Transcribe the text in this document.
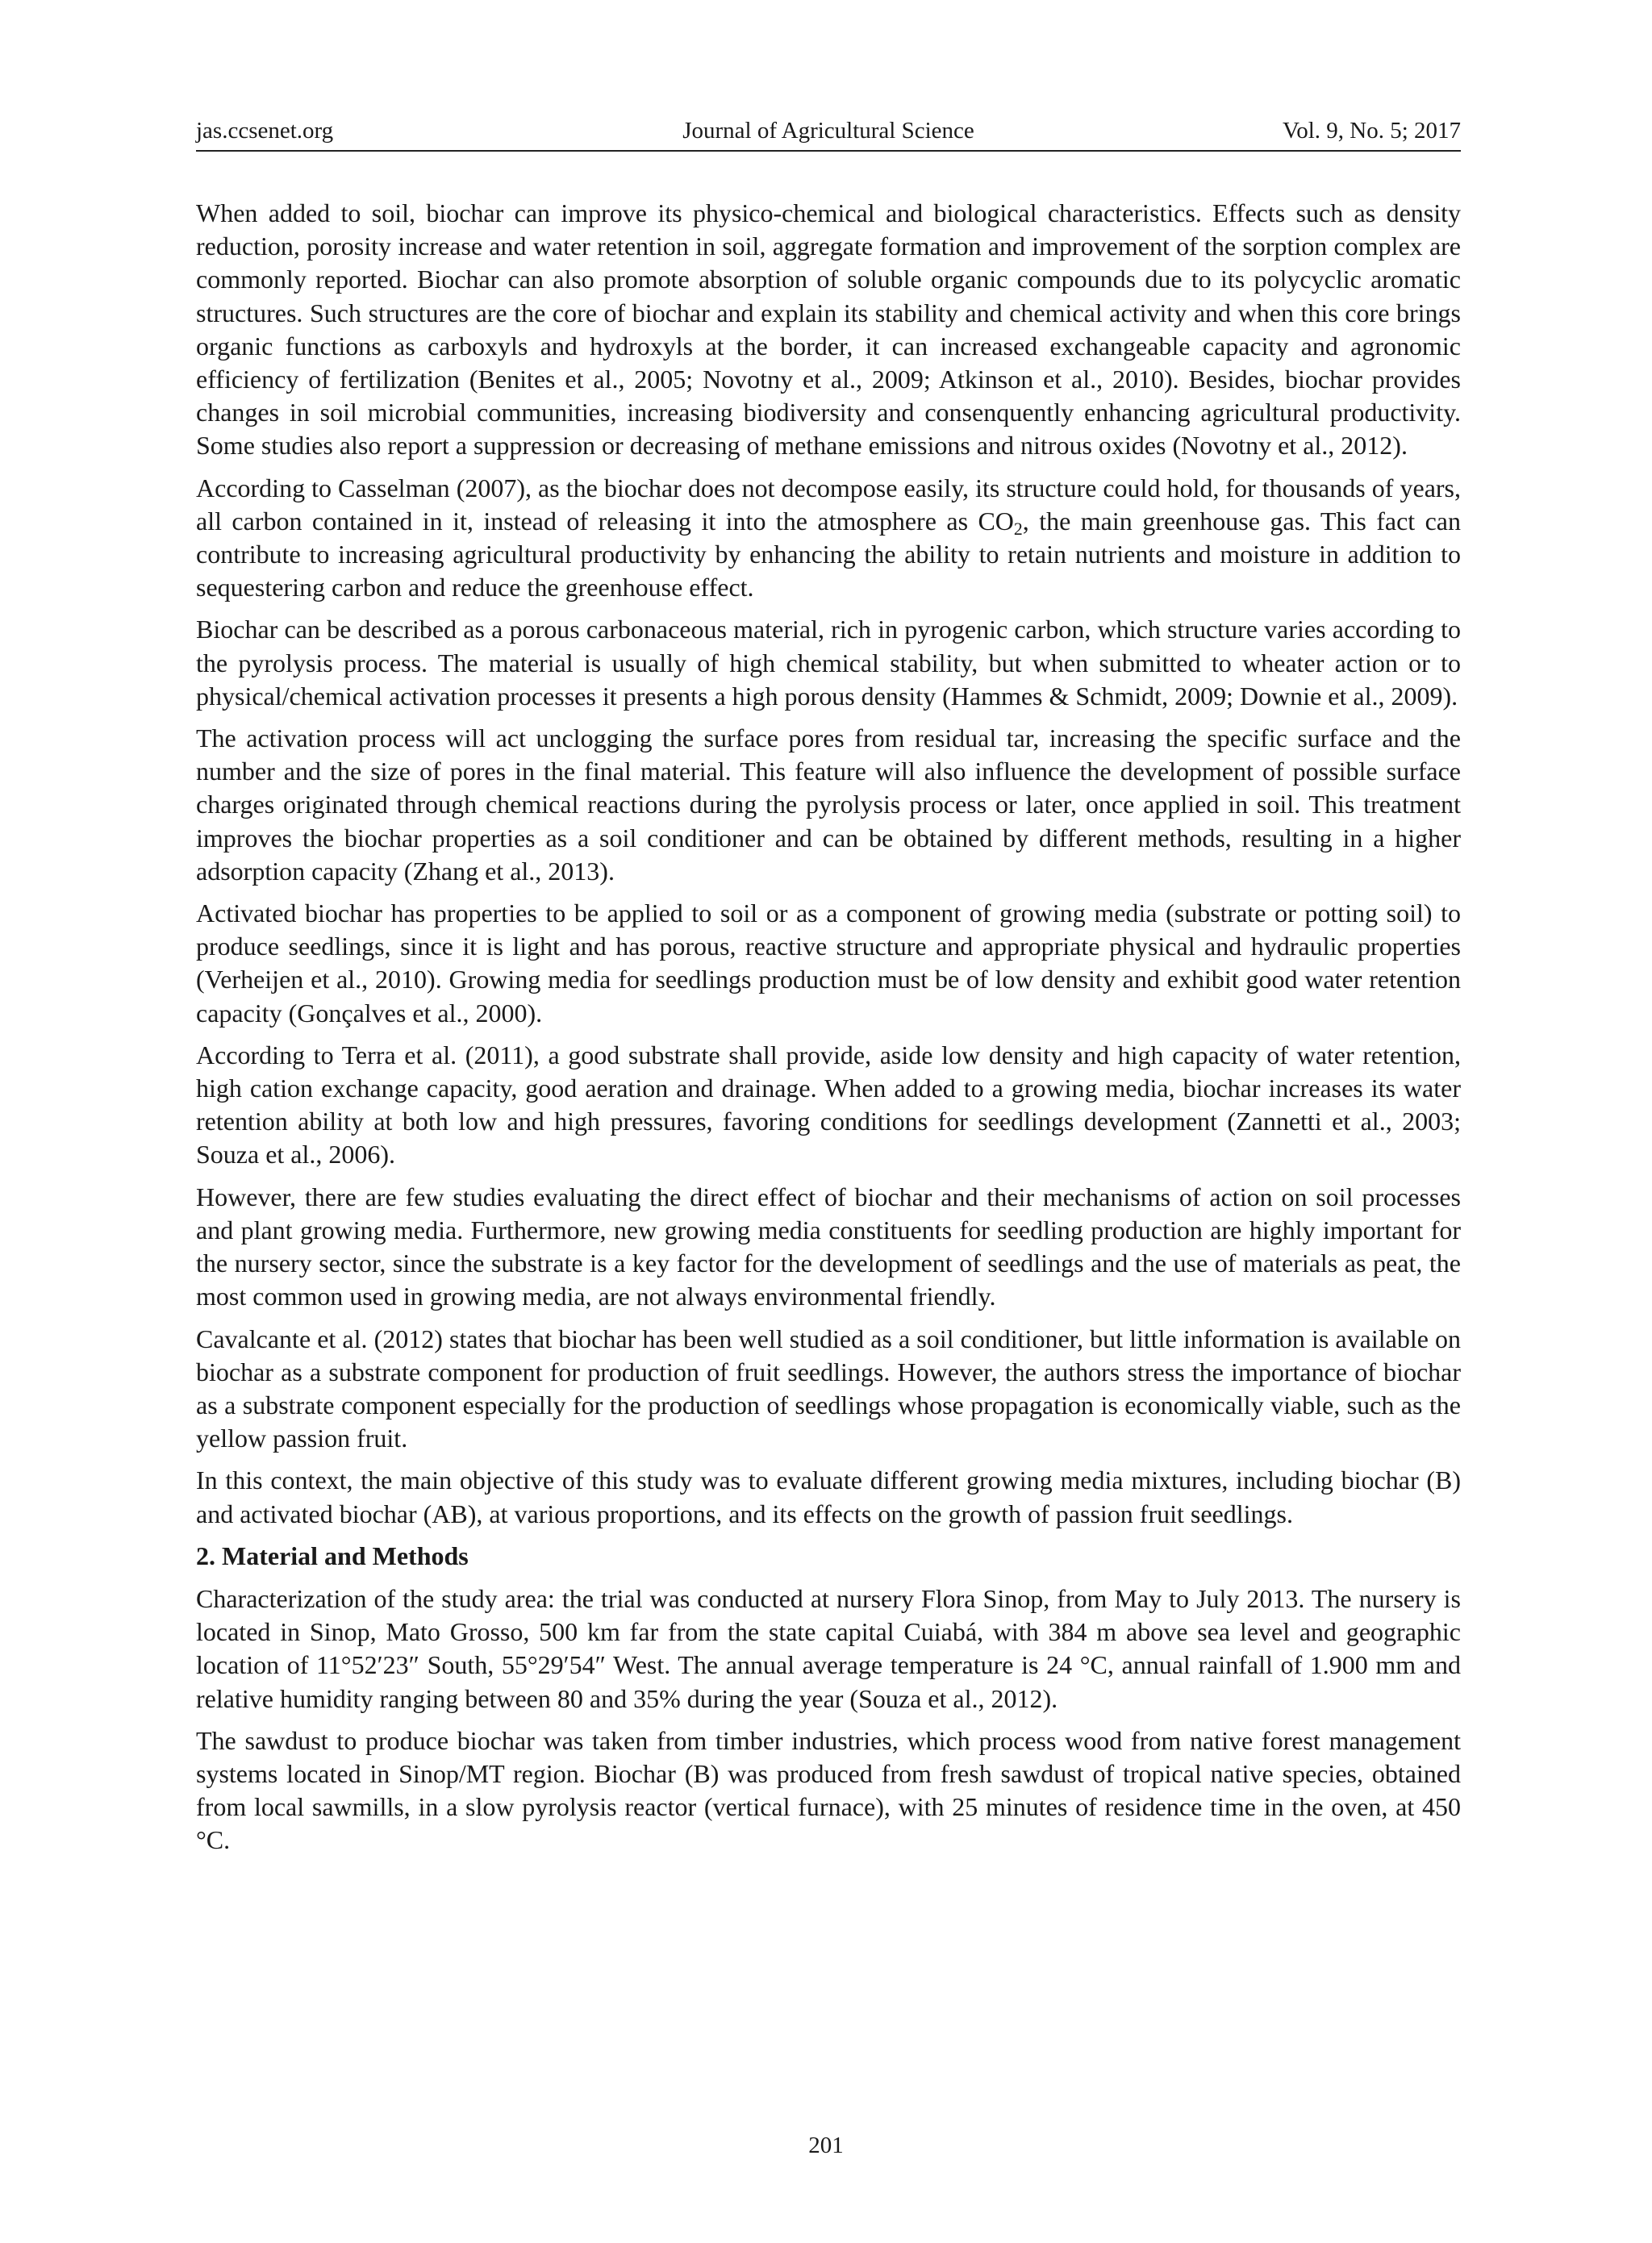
jas.ccsenet.org	Journal of Agricultural Science	Vol. 9, No. 5; 2017

When added to soil, biochar can improve its physico-chemical and biological characteristics. Effects such as density reduction, porosity increase and water retention in soil, aggregate formation and improvement of the sorption complex are commonly reported. Biochar can also promote absorption of soluble organic compounds due to its polycyclic aromatic structures. Such structures are the core of biochar and explain its stability and chemical activity and when this core brings organic functions as carboxyls and hydroxyls at the border, it can increased exchangeable capacity and agronomic efficiency of fertilization (Benites et al., 2005; Novotny et al., 2009; Atkinson et al., 2010). Besides, biochar provides changes in soil microbial communities, increasing biodiversity and consenquently enhancing agricultural productivity. Some studies also report a suppression or decreasing of methane emissions and nitrous oxides (Novotny et al., 2012).

According to Casselman (2007), as the biochar does not decompose easily, its structure could hold, for thousands of years, all carbon contained in it, instead of releasing it into the atmosphere as $CO_2$, the main greenhouse gas. This fact can contribute to increasing agricultural productivity by enhancing the ability to retain nutrients and moisture in addition to sequestering carbon and reduce the greenhouse effect.

Biochar can be described as a porous carbonaceous material, rich in pyrogenic carbon, which structure varies according to the pyrolysis process. The material is usually of high chemical stability, but when submitted to wheater action or to physical/chemical activation processes it presents a high porous density (Hammes & Schmidt, 2009; Downie et al., 2009).

The activation process will act unclogging the surface pores from residual tar, increasing the specific surface and the number and the size of pores in the final material. This feature will also influence the development of possible surface charges originated through chemical reactions during the pyrolysis process or later, once applied in soil. This treatment improves the biochar properties as a soil conditioner and can be obtained by different methods, resulting in a higher adsorption capacity (Zhang et al., 2013).

Activated biochar has properties to be applied to soil or as a component of growing media (substrate or potting soil) to produce seedlings, since it is light and has porous, reactive structure and appropriate physical and hydraulic properties (Verheijen et al., 2010). Growing media for seedlings production must be of low density and exhibit good water retention capacity (Gonçalves et al., 2000).

According to Terra et al. (2011), a good substrate shall provide, aside low density and high capacity of water retention, high cation exchange capacity, good aeration and drainage. When added to a growing media, biochar increases its water retention ability at both low and high pressures, favoring conditions for seedlings development (Zannetti et al., 2003; Souza et al., 2006).

However, there are few studies evaluating the direct effect of biochar and their mechanisms of action on soil processes and plant growing media. Furthermore, new growing media constituents for seedling production are highly important for the nursery sector, since the substrate is a key factor for the development of seedlings and the use of materials as peat, the most common used in growing media, are not always environmental friendly.

Cavalcante et al. (2012) states that biochar has been well studied as a soil conditioner, but little information is available on biochar as a substrate component for production of fruit seedlings. However, the authors stress the importance of biochar as a substrate component especially for the production of seedlings whose propagation is economically viable, such as the yellow passion fruit.

In this context, the main objective of this study was to evaluate different growing media mixtures, including biochar (B) and activated biochar (AB), at various proportions, and its effects on the growth of passion fruit seedlings.

2. Material and Methods

Characterization of the study area: the trial was conducted at nursery Flora Sinop, from May to July 2013. The nursery is located in Sinop, Mato Grosso, 500 km far from the state capital Cuiabá, with 384 m above sea level and geographic location of 11°52′23″ South, 55°29′54″ West. The annual average temperature is 24 °C, annual rainfall of 1.900 mm and relative humidity ranging between 80 and 35% during the year (Souza et al., 2012).

The sawdust to produce biochar was taken from timber industries, which process wood from native forest management systems located in Sinop/MT region. Biochar (B) was produced from fresh sawdust of tropical native species, obtained from local sawmills, in a slow pyrolysis reactor (vertical furnace), with 25 minutes of residence time in the oven, at 450 °C.

201
